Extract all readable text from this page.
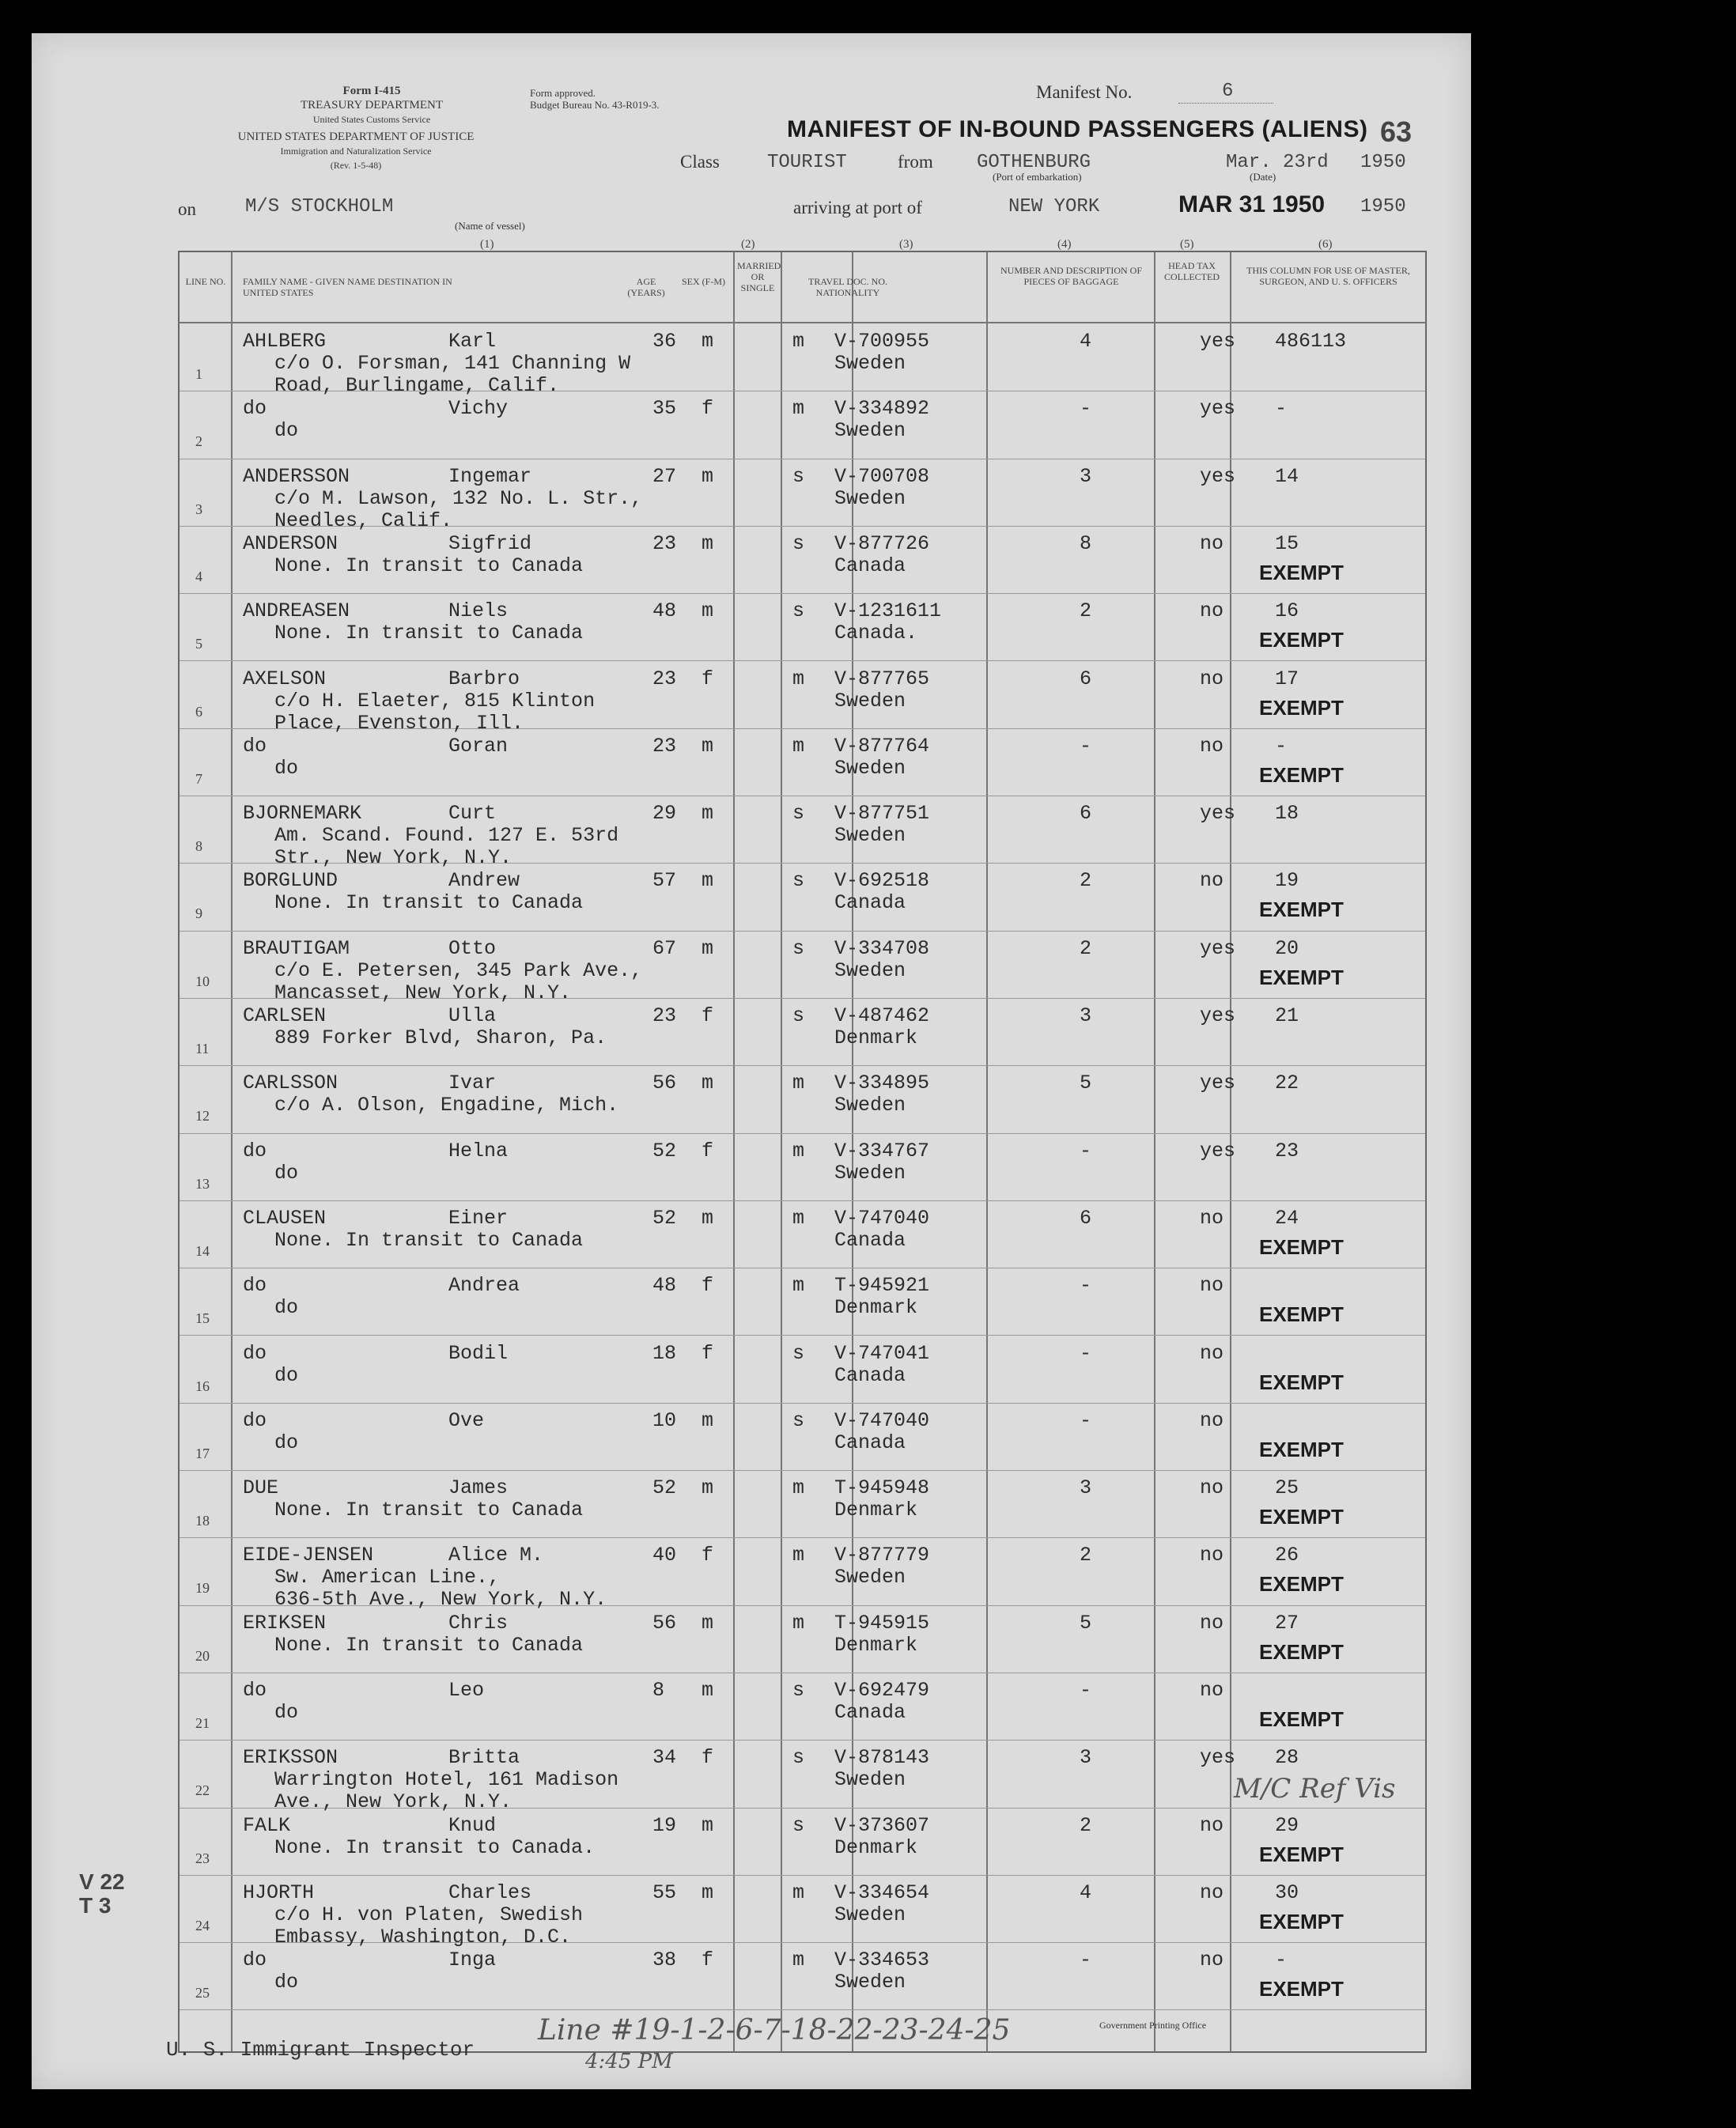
Form I-415
TREASURY DEPARTMENT
United States Customs Service
UNITED STATES DEPARTMENT OF JUSTICE
Immigration and Naturalization Service
(Rev. 1-5-48)
Form approved.
Budget Bureau No. 43-R019-3.
Manifest No.	6
MANIFEST OF IN-BOUND PASSENGERS (ALIENS) 63
Class	TOURIST	from GOTHENBURG
(Port of embarkation)
Mar. 23rd
(Date)
1950
on	M/S STOCKHOLM
(Name of vessel)
arriving at port of	NEW YORK	MAR 31 1950 1950
(1)	(2)	(3)	(4)	(5)	(6)
LINE NO.	FAMILY NAME - GIVEN NAME DESTINATION IN UNITED STATES
AGE (YEARS)
SEX (F-M)
MARRIED OR SINGLE
TRAVEL DOC. NO. NATIONALITY
NUMBER AND DESCRIPTION OF PIECES OF BAGGAGE
HEAD TAX COLLECTED
THIS COLUMN FOR USE OF MASTER, SURGEON, AND U. S. OFFICERS
1
AHLBERG	Karl
c/o O. Forsman, 141 Channing W
Road, Burlingame, Calif.
36 m	m V-700955
Sweden
4	yes 486113
2
do	Vichy
do
35 f	m V-334892
Sweden
-	yes -
3
ANDERSSON	Ingemar
c/o M. Lawson, 132 No. L. Str.,
Needles, Calif.
27 m	s V-700708
Sweden
3	yes 14
4
ANDERSON	Sigfrid
None. In transit to Canada
23 m	s V-877726
Canada
8	no	15
EXEMPT
5
ANDREASEN	Niels
None. In transit to Canada
48 m	s V-1231611
Canada.
2	no	16
EXEMPT
6
AXELSON	Barbro
c/o H. Elaeter, 815 Klinton
Place, Evenston, Ill.
23 f	m V-877765
Sweden
6	no	17
EXEMPT
7
do	Goran
do
23 m	m V-877764
Sweden
-	no	-
EXEMPT
8
BJORNEMARK	Curt
Am. Scand. Found. 127 E. 53rd
Str., New York, N.Y.
29 m	s V-877751
Sweden
6	yes 18
9
BORGLUND	Andrew
None. In transit to Canada
57 m	s V-692518
Canada
2	no	19
EXEMPT
10
BRAUTIGAM	Otto
c/o E. Petersen, 345 Park Ave.,
Mancasset, New York, N.Y.
67 m	s V-334708
Sweden
2	yes 20
EXEMPT
11
CARLSEN	Ulla
889 Forker Blvd, Sharon, Pa.
23 f	s V-487462
Denmark
3	yes 21
12
CARLSSON	Ivar
c/o A. Olson, Engadine, Mich.
56 m	m V-334895
Sweden
5	yes 22
13
do	Helna
do
52 f	m V-334767
Sweden
-	yes 23
14
CLAUSEN	Einer
None. In transit to Canada
52 m	m V-747040
Canada
6	no	24
EXEMPT
15
do	Andrea
do
48 f	m T-945921
Denmark
-	no
EXEMPT
16
do	Bodil
do
18 f	s V-747041
Canada
-	no
EXEMPT
17
do	Ove
do
10 m	s V-747040
Canada
-	no
EXEMPT
18
DUE	James
None. In transit to Canada
52 m	m T-945948
Denmark
3	no	25
EXEMPT
19
EIDE-JENSEN	Alice M.
Sw. American Line.,
636-5th Ave., New York, N.Y.
40 f	m V-877779
Sweden
2	no	26
EXEMPT
20
ERIKSEN	Chris
None. In transit to Canada
56 m	m T-945915
Denmark
5	no	27
EXEMPT
21
do	Leo
do
8 m	s V-692479
Canada
-	no
EXEMPT
22
ERIKSSON	Britta
Warrington Hotel, 161 Madison
Ave., New York, N.Y.
34 f	s V-878143
Sweden
3	yes 28
23
FALK	Knud
None. In transit to Canada.
19 m	s V-373607
Denmark
2	no	29
EXEMPT
24
HJORTH	Charles
c/o H. von Platen, Swedish
Embassy, Washington, D.C.
55 m	m V-334654
Sweden
4	no	30
EXEMPT
25
do	Inga
do
38 f	m V-334653
Sweden
-	no	-
EXEMPT
U. S. Immigrant Inspector
Line #19-1-2-6-7-18-22-23-24-25
4:45 PM
V 22
T 3
M/C Ref Vis
Government Printing Office
